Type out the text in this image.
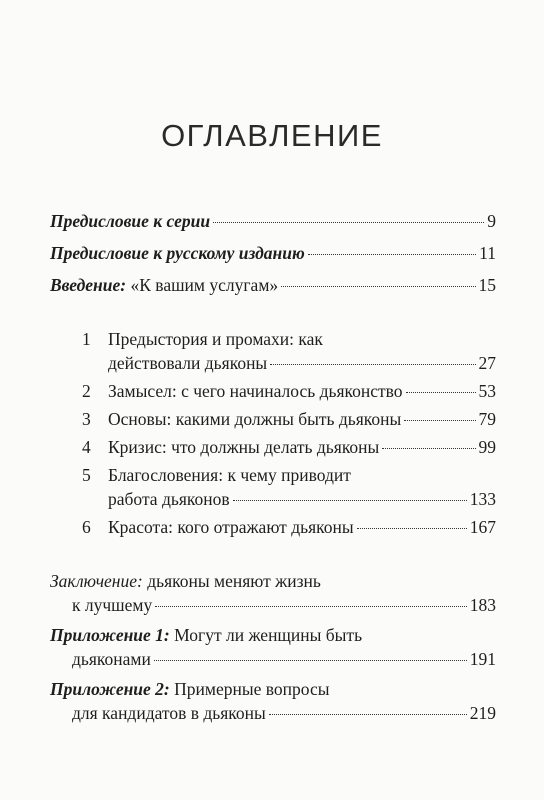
ОГЛАВЛЕНИЕ
Предисловие к серии	9
Предисловие к русскому изданию	11
Введение: «К вашим услугам»	15
1 Предыстория и промахи: как
действовали дьяконы	27
2 Замысел: с чего начиналось дьяконство	53
3 Основы: какими должны быть дьяконы	79
4 Кризис: что должны делать дьяконы	99
5 Благословения: к чему приводит
работа дьяконов	133
6 Красота: кого отражают дьяконы	167
Заключение: дьяконы меняют жизнь
к лучшему	183
Приложение 1: Могут ли женщины быть
дьяконами	191
Приложение 2: Примерные вопросы
для кандидатов в дьяконы	219
